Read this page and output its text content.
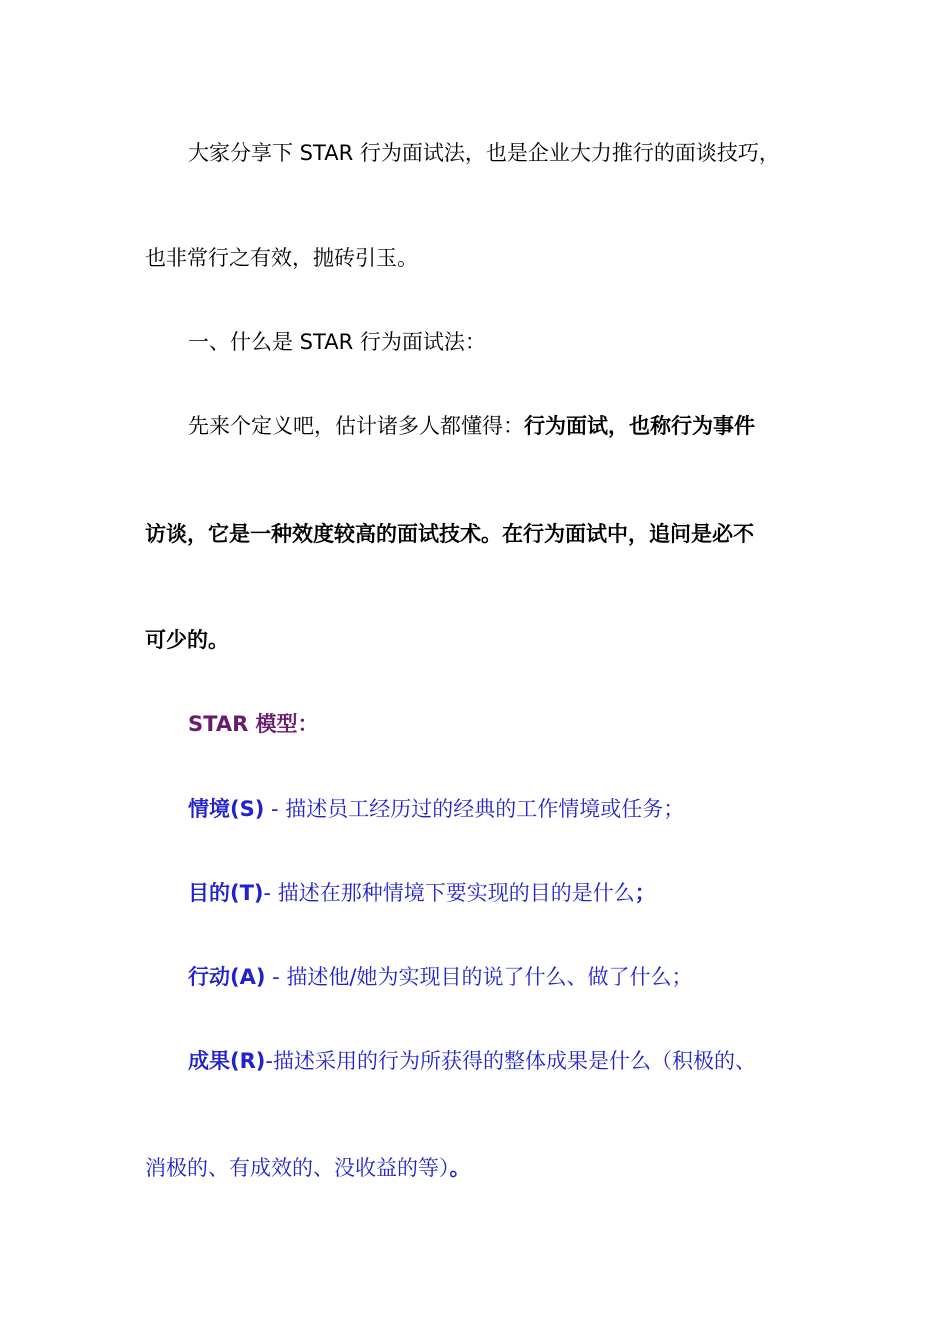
大家分享下 STAR 行为面试法，也是企业大力推行的面谈技巧，
也非常行之有效，抛砖引玉。
一、什么是 STAR 行为面试法：
先来个定义吧，估计诸多人都懂得：行为面试，也称行为事件
访谈，它是一种效度较高的面试技术。在行为面试中，追问是必不
可少的。
STAR 模型：
情境(S) - 描述员工经历过的经典的工作情境或任务；
目的(T)- 描述在那种情境下要实现的目的是什么；
行动(A) - 描述他/她为实现目的说了什么、做了什么；
成果(R)-描述采用的行为所获得的整体成果是什么（积极的、
消极的、有成效的、没收益的等）。
